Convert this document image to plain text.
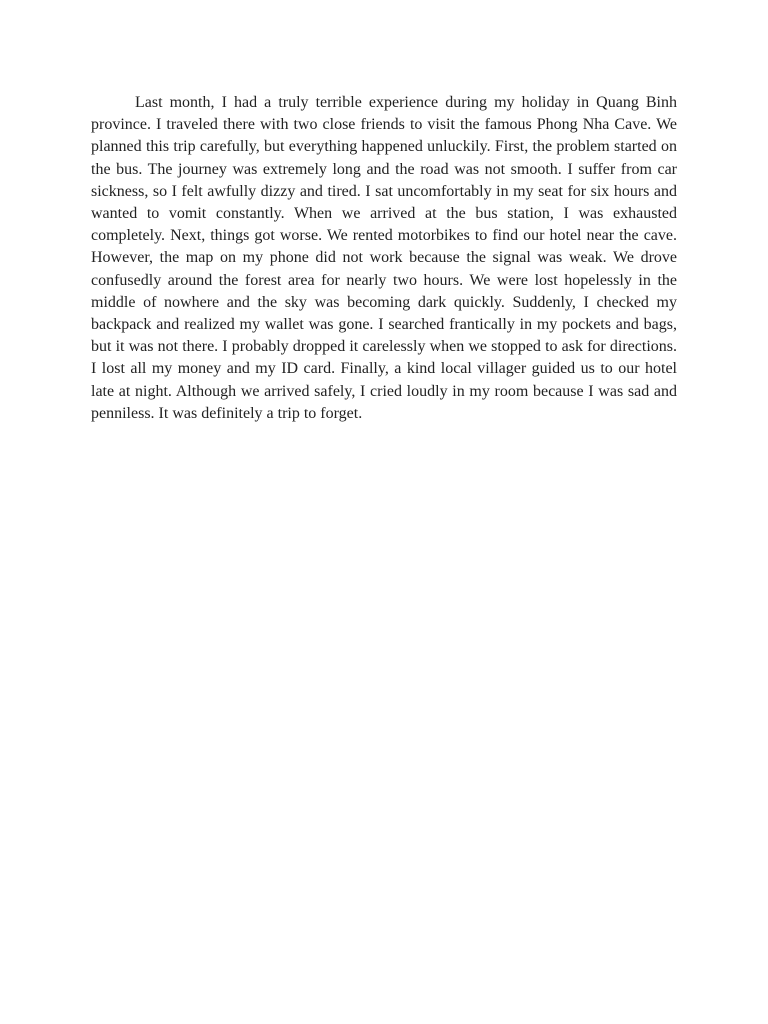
Last month, I had a truly terrible experience during my holiday in Quang Binh province. I traveled there with two close friends to visit the famous Phong Nha Cave. We planned this trip carefully, but everything happened unluckily. First, the problem started on the bus. The journey was extremely long and the road was not smooth. I suffer from car sickness, so I felt awfully dizzy and tired. I sat uncomfortably in my seat for six hours and wanted to vomit constantly. When we arrived at the bus station, I was exhausted completely. Next, things got worse. We rented motorbikes to find our hotel near the cave. However, the map on my phone did not work because the signal was weak. We drove confusedly around the forest area for nearly two hours. We were lost hopelessly in the middle of nowhere and the sky was becoming dark quickly. Suddenly, I checked my backpack and realized my wallet was gone. I searched frantically in my pockets and bags, but it was not there. I probably dropped it carelessly when we stopped to ask for directions. I lost all my money and my ID card. Finally, a kind local villager guided us to our hotel late at night. Although we arrived safely, I cried loudly in my room because I was sad and penniless. It was definitely a trip to forget.
